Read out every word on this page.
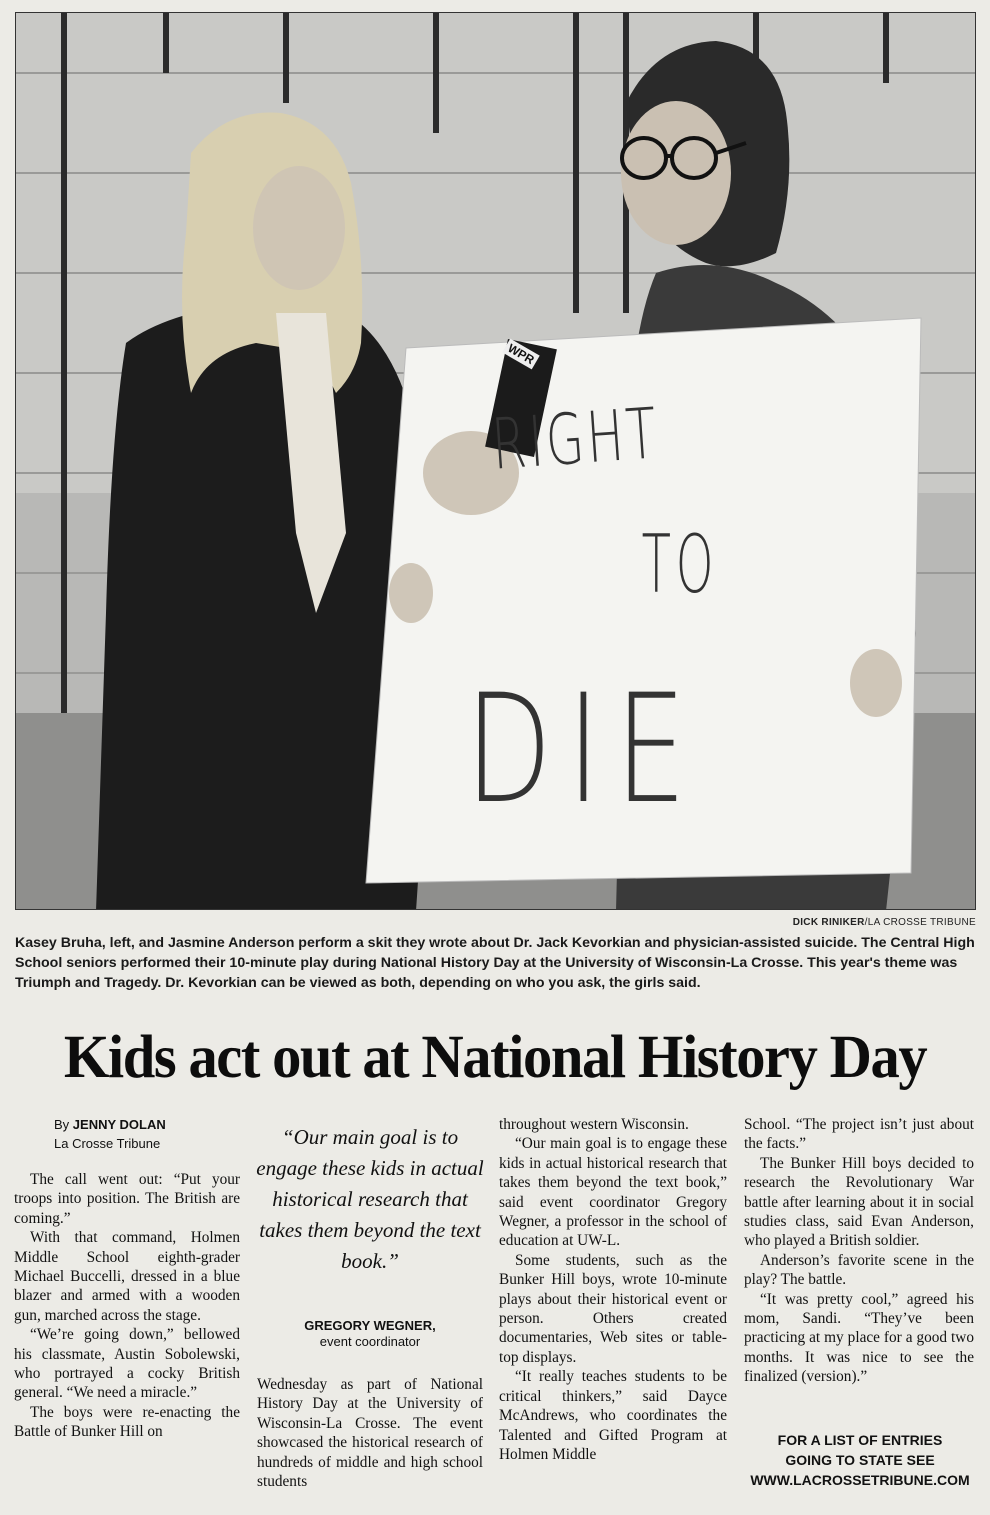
WPR
RIGHT
TO
DIE
DICK RINIKER/LA CROSSE TRIBUNE
Kasey Bruha, left, and Jasmine Anderson perform a skit they wrote about Dr. Jack Kevorkian and physician-assisted suicide. The Central High School seniors performed their 10-minute play during National History Day at the University of Wisconsin-La Crosse. This year's theme was Triumph and Tragedy. Dr. Kevorkian can be viewed as both, depending on who you ask, the girls said.
Kids act out at National History Day
By JENNY DOLAN
La Crosse Tribune

The call went out: “Put your troops into position. The British are coming.”

With that command, Holmen Middle School eighth-grader Michael Buccelli, dressed in a blue blazer and armed with a wooden gun, marched across the stage.

“We’re going down,” bellowed his classmate, Austin Sobolewski, who portrayed a cocky British general. “We need a miracle.”

The boys were re-enacting the Battle of Bunker Hill on

“Our main goal is to engage these kids in actual historical research that takes them beyond the text book.”
GREGORY WEGNER,
event coordinator

Wednesday as part of National History Day at the University of Wisconsin-La Crosse. The event showcased the historical research of hundreds of middle and high school students

throughout western Wisconsin.

“Our main goal is to engage these kids in actual historical research that takes them beyond the text book,” said event coordinator Gregory Wegner, a professor in the school of education at UW-L.

Some students, such as the Bunker Hill boys, wrote 10-minute plays about their historical event or person. Others created documentaries, Web sites or table-top displays.

“It really teaches students to be critical thinkers,” said Dayce McAndrews, who coordinates the Talented and Gifted Program at Holmen Middle

School. “The project isn’t just about the facts.”

The Bunker Hill boys decided to research the Revolutionary War battle after learning about it in social studies class, said Evan Anderson, who played a British soldier.

Anderson’s favorite scene in the play? The battle.

“It was pretty cool,” agreed his mom, Sandi. “They’ve been practicing at my place for a good two months. It was nice to see the finalized (version).”

FOR A LIST OF ENTRIES
GOING TO STATE SEE
WWW.LACROSSETRIBUNE.COM
